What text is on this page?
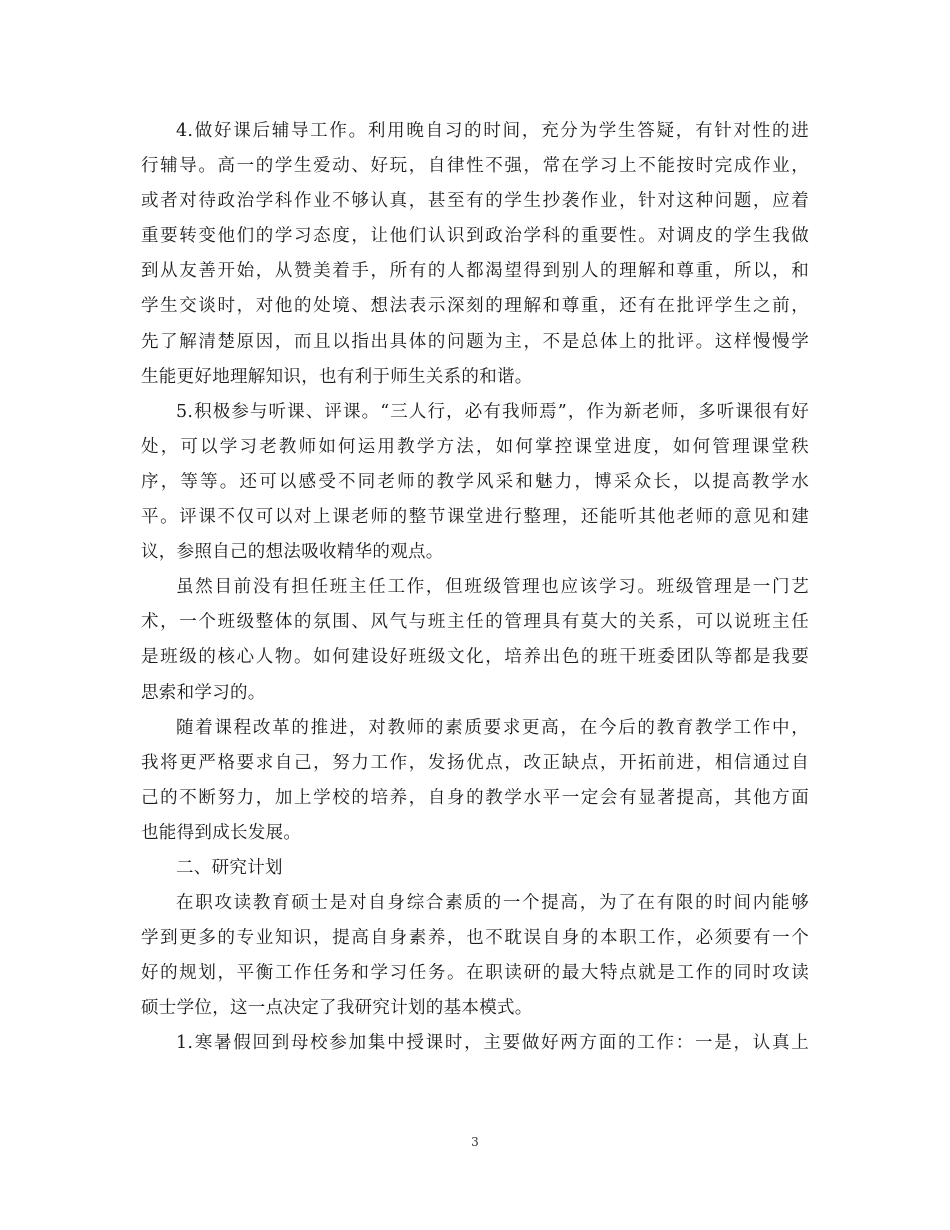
4.做好课后辅导工作。利用晚自习的时间，充分为学生答疑，有针对性的进
行辅导。高一的学生爱动、好玩，自律性不强，常在学习上不能按时完成作业，
或者对待政治学科作业不够认真，甚至有的学生抄袭作业，针对这种问题，应着
重要转变他们的学习态度，让他们认识到政治学科的重要性。对调皮的学生我做
到从友善开始，从赞美着手，所有的人都渴望得到别人的理解和尊重，所以，和
学生交谈时，对他的处境、想法表示深刻的理解和尊重，还有在批评学生之前，
先了解清楚原因，而且以指出具体的问题为主，不是总体上的批评。这样慢慢学
生能更好地理解知识，也有利于师生关系的和谐。
5.积极参与听课、评课。“三人行，必有我师焉”，作为新老师，多听课很有好
处，可以学习老教师如何运用教学方法，如何掌控课堂进度，如何管理课堂秩
序，等等。还可以感受不同老师的教学风采和魅力，博采众长，以提高教学水
平。评课不仅可以对上课老师的整节课堂进行整理，还能听其他老师的意见和建
议，参照自己的想法吸收精华的观点。
虽然目前没有担任班主任工作，但班级管理也应该学习。班级管理是一门艺
术，一个班级整体的氛围、风气与班主任的管理具有莫大的关系，可以说班主任
是班级的核心人物。如何建设好班级文化，培养出色的班干班委团队等都是我要
思索和学习的。
随着课程改革的推进，对教师的素质要求更高，在今后的教育教学工作中，
我将更严格要求自己，努力工作，发扬优点，改正缺点，开拓前进，相信通过自
己的不断努力，加上学校的培养，自身的教学水平一定会有显著提高，其他方面
也能得到成长发展。
二、研究计划
在职攻读教育硕士是对自身综合素质的一个提高，为了在有限的时间内能够
学到更多的专业知识，提高自身素养，也不耽误自身的本职工作，必须要有一个
好的规划，平衡工作任务和学习任务。在职读研的最大特点就是工作的同时攻读
硕士学位，这一点决定了我研究计划的基本模式。
1.寒暑假回到母校参加集中授课时，主要做好两方面的工作：一是，认真上
3
